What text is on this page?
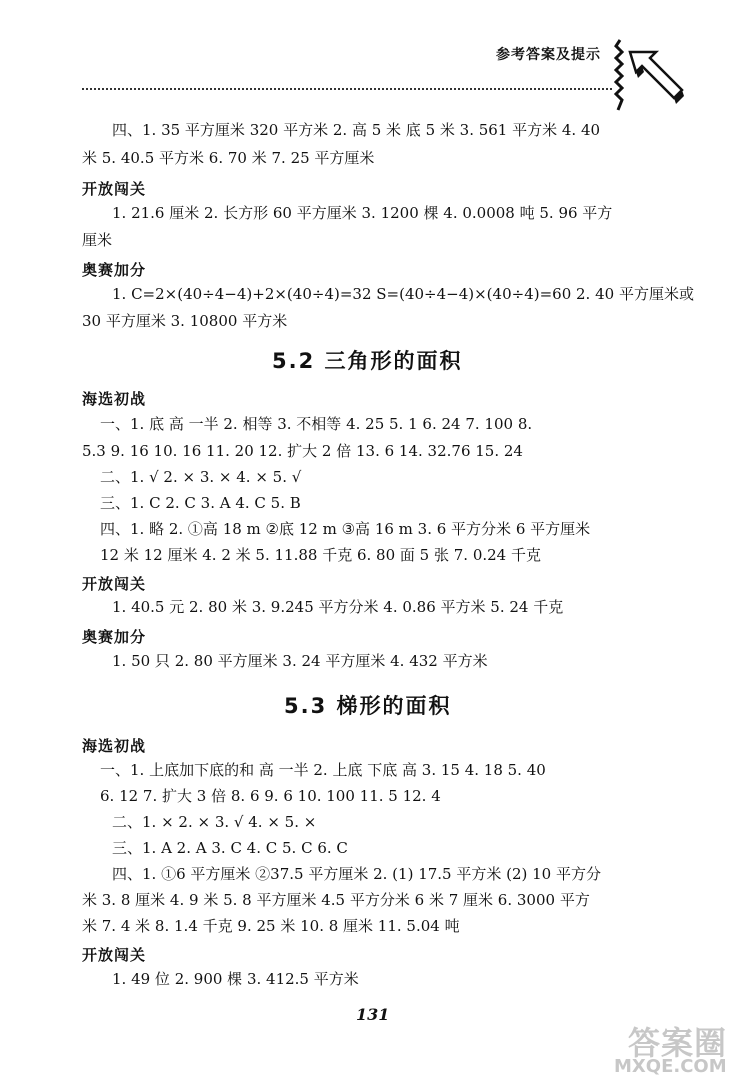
参考答案及提示
四、1. 35 平方厘米 320 平方米 2. 高 5 米 底 5 米 3. 561 平方米 4. 40
米 5. 40.5 平方米 6. 70 米 7. 25 平方厘米
开放闯关
1. 21.6 厘米 2. 长方形 60 平方厘米 3. 1200 棵 4. 0.0008 吨 5. 96 平方
厘米
奥赛加分
1. C=2×(40÷4−4)+2×(40÷4)=32 S=(40÷4−4)×(40÷4)=60 2. 40 平方厘米或
30 平方厘米 3. 10800 平方米
5.2 三角形的面积
海选初战
一、1. 底 高 一半 2. 相等 3. 不相等 4. 25 5. 1 6. 24 7. 100 8.
5.3 9. 16 10. 16 11. 20 12. 扩大 2 倍 13. 6 14. 32.76 15. 24
二、1. √ 2. × 3. × 4. × 5. √
三、1. C 2. C 3. A 4. C 5. B
四、1. 略 2. ①高 18 m ②底 12 m ③高 16 m 3. 6 平方分米 6 平方厘米
12 米 12 厘米 4. 2 米 5. 11.88 千克 6. 80 面 5 张 7. 0.24 千克
开放闯关
1. 40.5 元 2. 80 米 3. 9.245 平方分米 4. 0.86 平方米 5. 24 千克
奥赛加分
1. 50 只 2. 80 平方厘米 3. 24 平方厘米 4. 432 平方米
5.3 梯形的面积
海选初战
一、1. 上底加下底的和 高 一半 2. 上底 下底 高 3. 15 4. 18 5. 40
6. 12 7. 扩大 3 倍 8. 6 9. 6 10. 100 11. 5 12. 4
二、1. × 2. × 3. √ 4. × 5. ×
三、1. A 2. A 3. C 4. C 5. C 6. C
四、1. ①6 平方厘米 ②37.5 平方厘米 2. (1) 17.5 平方米 (2) 10 平方分
米 3. 8 厘米 4. 9 米 5. 8 平方厘米 4.5 平方分米 6 米 7 厘米 6. 3000 平方
米 7. 4 米 8. 1.4 千克 9. 25 米 10. 8 厘米 11. 5.04 吨
开放闯关
1. 49 位 2. 900 棵 3. 412.5 平方米
131
答案圈
MXQE.COM
